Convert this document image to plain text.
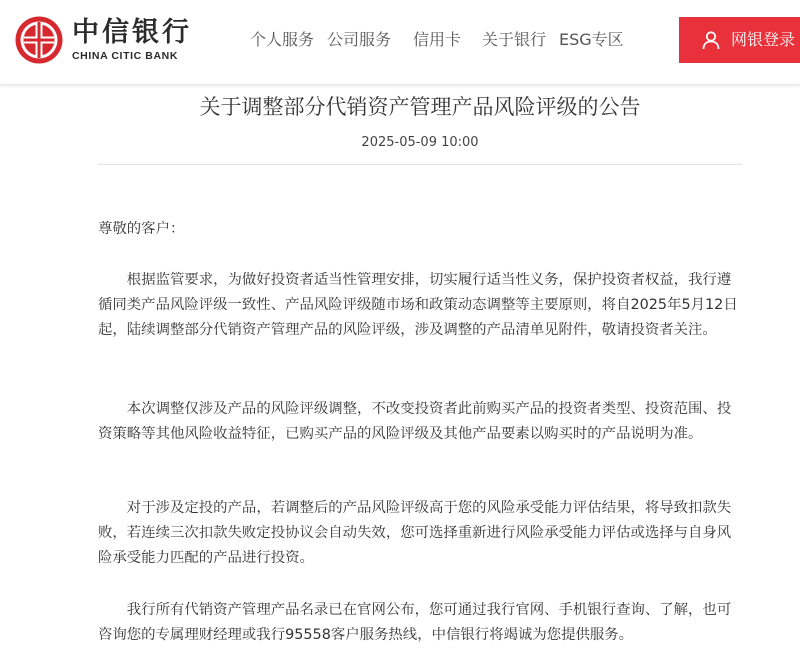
中信银行
CHINA CITIC BANK
个人服务 公司服务 信用卡 关于银行 ESG专区	网银登录
关于调整部分代销资产管理产品风险评级的公告
2025-05-09 10:00

尊敬的客户：

根据监管要求，为做好投资者适当性管理安排，切实履行适当性义务，保护投资者权益，我行遵循同类产品风险评级一致性、产品风险评级随市场和政策动态调整等主要原则，将自2025年5月12日起，陆续调整部分代销资产管理产品的风险评级，涉及调整的产品清单见附件，敬请投资者关注。

本次调整仅涉及产品的风险评级调整，不改变投资者此前购买产品的投资者类型、投资范围、投资策略等其他风险收益特征，已购买产品的风险评级及其他产品要素以购买时的产品说明为准。

对于涉及定投的产品，若调整后的产品风险评级高于您的风险承受能力评估结果，将导致扣款失败，若连续三次扣款失败定投协议会自动失效，您可选择重新进行风险承受能力评估或选择与自身风险承受能力匹配的产品进行投资。

我行所有代销资产管理产品名录已在官网公布，您可通过我行官网、手机银行查询、了解，也可咨询您的专属理财经理或我行95558客户服务热线，中信银行将竭诚为您提供服务。
